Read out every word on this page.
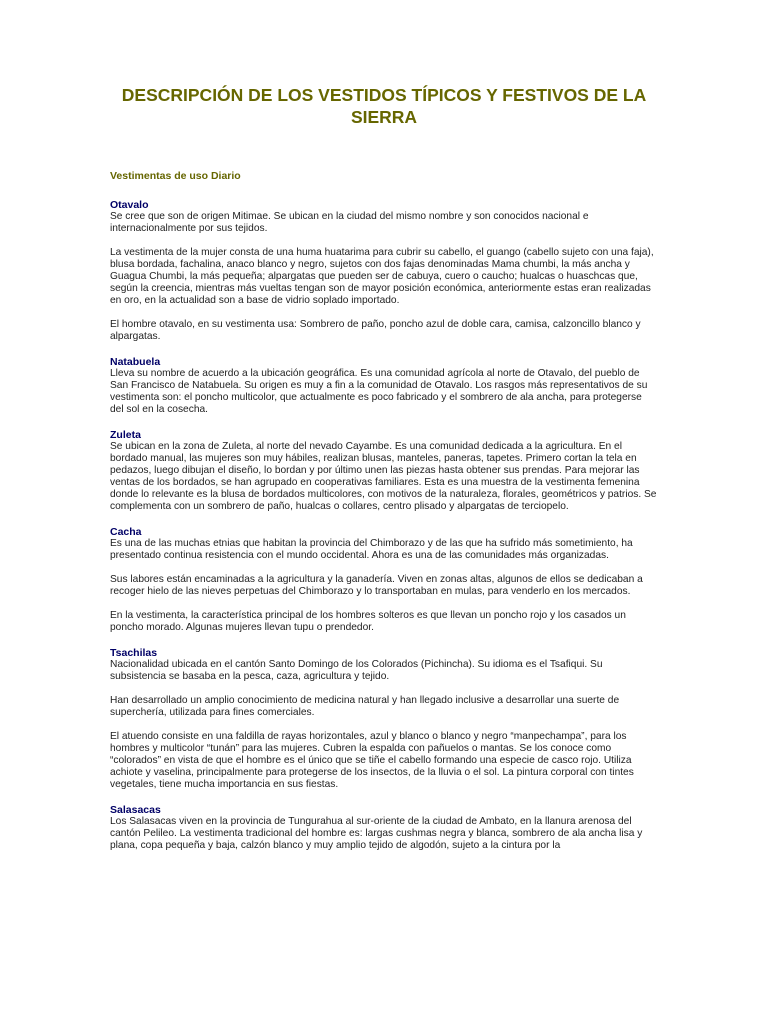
DESCRIPCIÓN DE LOS VESTIDOS TÍPICOS Y FESTIVOS DE LA SIERRA

Vestimentas de uso Diario

Otavalo

Se cree que son de origen Mitimae. Se ubican en la ciudad del mismo nombre y son conocidos nacional e internacionalmente por sus tejidos.

La vestimenta de la mujer consta de una huma huatarima para cubrir su cabello, el guango (cabello sujeto con una faja), blusa bordada, fachalina, anaco blanco y negro, sujetos con dos fajas denominadas Mama chumbi, la más ancha y Guagua Chumbi, la más pequeña; alpargatas que pueden ser de cabuya, cuero o caucho; hualcas o huaschcas que, según la creencia, mientras más vueltas tengan son de mayor posición económica, anteriormente estas eran realizadas en oro, en la actualidad son a base de vidrio soplado importado.

El hombre otavalo, en su vestimenta usa: Sombrero de paño, poncho azul de doble cara, camisa, calzoncillo blanco y alpargatas.

Natabuela

Lleva su nombre de acuerdo a la ubicación geográfica. Es una comunidad agrícola al norte de Otavalo, del pueblo de San Francisco de Natabuela. Su origen es muy a fin a la comunidad de Otavalo. Los rasgos más representativos de su vestimenta son: el poncho multicolor, que actualmente es poco fabricado y el sombrero de ala ancha, para protegerse del sol en la cosecha.

Zuleta

Se ubican en la zona de Zuleta, al norte del nevado Cayambe. Es una comunidad dedicada a la agricultura. En el bordado manual, las mujeres son muy hábiles, realizan blusas, manteles, paneras, tapetes. Primero cortan la tela en pedazos, luego dibujan el diseño, lo bordan y por último unen las piezas hasta obtener sus prendas. Para mejorar las ventas de los bordados, se han agrupado en cooperativas familiares. Esta es una muestra de la vestimenta femenina donde lo relevante es la blusa de bordados multicolores, con motivos de la naturaleza, florales, geométricos y patrios. Se complementa con un sombrero de paño, hualcas o collares, centro plisado y alpargatas de terciopelo.

Cacha

Es una de las muchas etnias que habitan la provincia del Chimborazo y de las que ha sufrido más sometimiento, ha presentado continua resistencia con el mundo occidental. Ahora es una de las comunidades más organizadas.

Sus labores están encaminadas a la agricultura y la ganadería. Viven en zonas altas, algunos de ellos se dedicaban a recoger hielo de las nieves perpetuas del Chimborazo y lo transportaban en mulas, para venderlo en los mercados.

En la vestimenta, la característica principal de los hombres solteros es que llevan un poncho rojo y los casados un poncho morado. Algunas mujeres llevan tupu o prendedor.

Tsachilas

Nacionalidad ubicada en el cantón Santo Domingo de los Colorados (Pichincha). Su idioma es el Tsafiqui. Su subsistencia se basaba en la pesca, caza, agricultura y tejido.

Han desarrollado un amplio conocimiento de medicina natural y han llegado inclusive a desarrollar una suerte de superchería, utilizada para fines comerciales.

El atuendo consiste en una faldilla de rayas horizontales, azul y blanco o blanco y negro “manpechampa”, para los hombres y multicolor “tunán” para las mujeres. Cubren la espalda con pañuelos o mantas. Se los conoce como “colorados” en vista de que el hombre es el único que se tiñe el cabello formando una especie de casco rojo. Utiliza achiote y vaselina, principalmente para protegerse de los insectos, de la lluvia o el sol. La pintura corporal con tintes vegetales, tiene mucha importancia en sus fiestas.

Salasacas

Los Salasacas viven en la provincia de Tungurahua al sur-oriente de la ciudad de Ambato, en la llanura arenosa del cantón Pelileo. La vestimenta tradicional del hombre es: largas cushmas negra y blanca, sombrero de ala ancha lisa y plana, copa pequeña y baja, calzón blanco y muy amplio tejido de algodón, sujeto a la cintura por la
